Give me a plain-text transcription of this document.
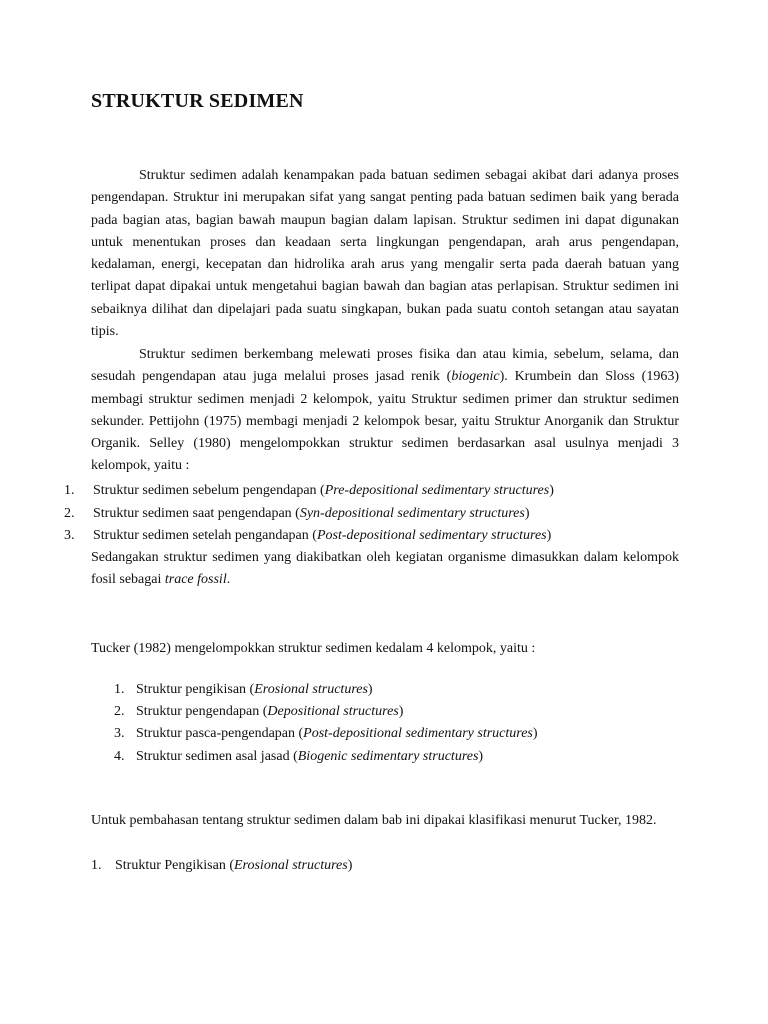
STRUKTUR SEDIMEN

Struktur sedimen adalah kenampakan pada batuan sedimen sebagai akibat dari adanya proses pengendapan. Struktur ini merupakan sifat yang sangat penting pada batuan sedimen baik yang berada pada bagian atas, bagian bawah maupun bagian dalam lapisan. Struktur sedimen ini dapat digunakan untuk menentukan proses dan keadaan serta lingkungan pengendapan, arah arus pengendapan, kedalaman, energi, kecepatan dan hidrolika arah arus yang mengalir serta pada daerah batuan yang terlipat dapat dipakai untuk mengetahui bagian bawah dan bagian atas perlapisan. Struktur sedimen ini sebaiknya dilihat dan dipelajari pada suatu singkapan, bukan pada suatu contoh setangan atau sayatan tipis.

Struktur sedimen berkembang melewati proses fisika dan atau kimia, sebelum, selama, dan sesudah pengendapan atau juga melalui proses jasad renik (biogenic). Krumbein dan Sloss (1963) membagi struktur sedimen menjadi 2 kelompok, yaitu Struktur sedimen primer dan struktur sedimen sekunder. Pettijohn (1975) membagi menjadi 2 kelompok besar, yaitu Struktur Anorganik dan Struktur Organik. Selley (1980) mengelompokkan struktur sedimen berdasarkan asal usulnya menjadi 3 kelompok, yaitu :

1. Struktur sedimen sebelum pengendapan (Pre-depositional sedimentary structures)
2. Struktur sedimen saat pengendapan (Syn-depositional sedimentary structures)
3. Struktur sedimen setelah pengandapan (Post-depositional sedimentary structures)

Sedangakan struktur sedimen yang diakibatkan oleh kegiatan organisme dimasukkan dalam kelompok fosil sebagai trace fossil.

Tucker (1982) mengelompokkan struktur sedimen kedalam 4 kelompok, yaitu :
1. Struktur pengikisan (Erosional structures)
2. Struktur pengendapan (Depositional structures)
3. Struktur pasca-pengendapan (Post-depositional sedimentary structures)
4. Struktur sedimen asal jasad (Biogenic sedimentary structures)

Untuk pembahasan tentang struktur sedimen dalam bab ini dipakai klasifikasi menurut Tucker, 1982.

1. Struktur Pengikisan (Erosional structures)
